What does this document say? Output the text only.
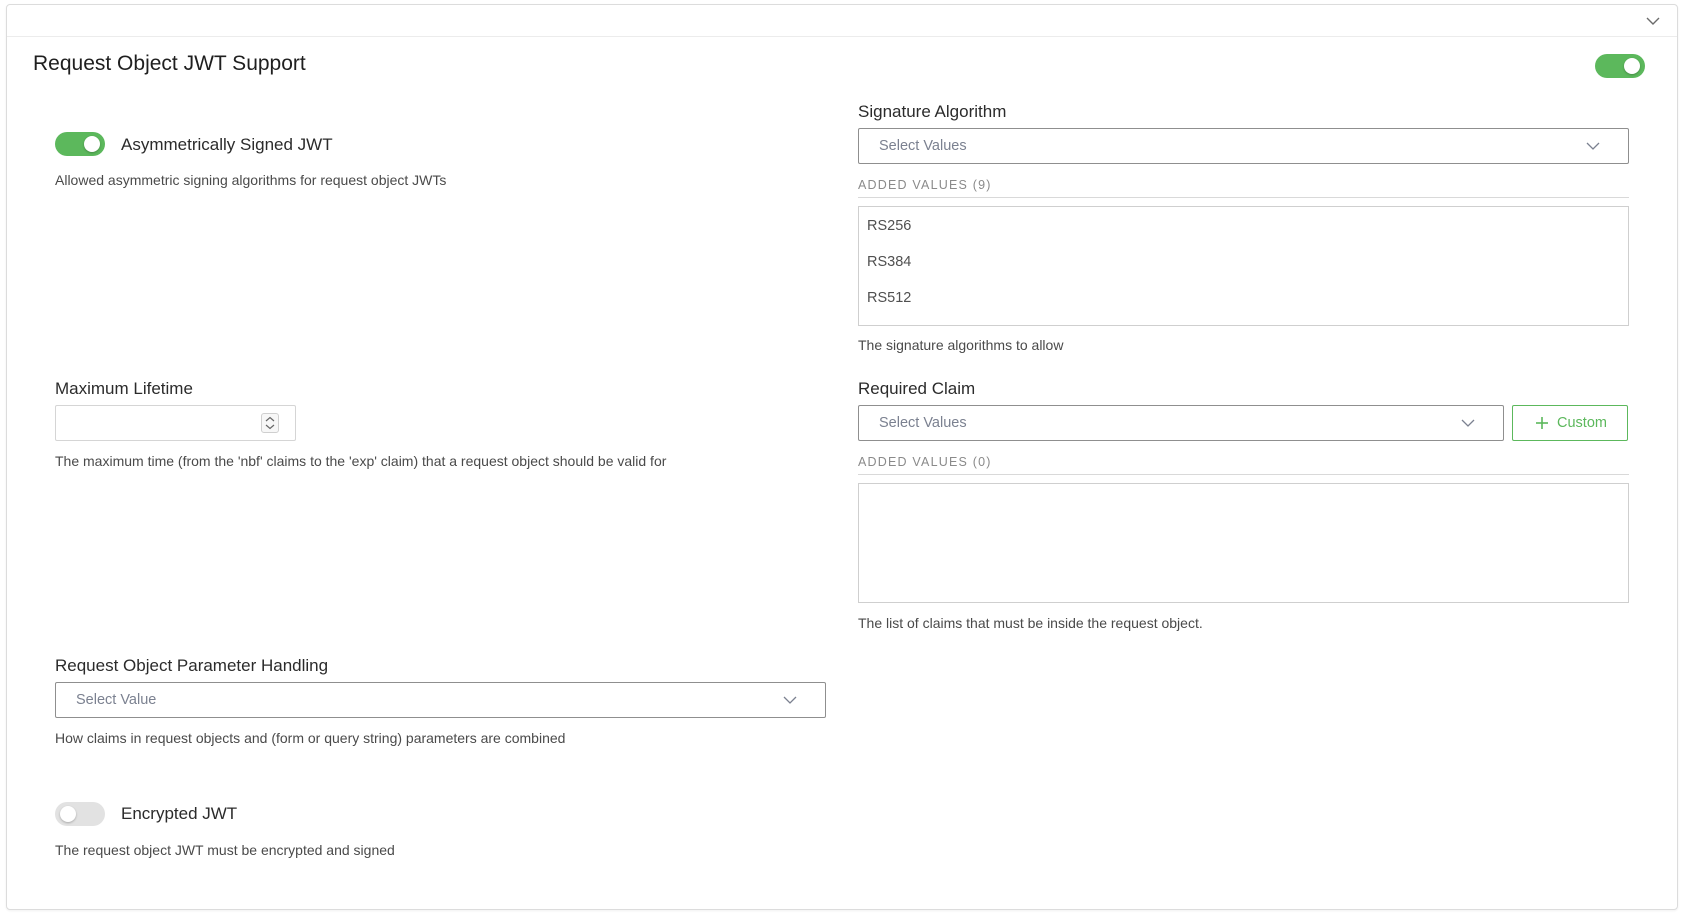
Request Object JWT Support
Asymmetrically Signed JWT
Allowed asymmetric signing algorithms for request object JWTs
Signature Algorithm
Select Values
ADDED VALUES (9)
RS256
RS384
RS512
The signature algorithms to allow
Maximum Lifetime
The maximum time (from the 'nbf' claims to the 'exp' claim) that a request object should be valid for
Required Claim
Select Values	Custom
ADDED VALUES (0)
The list of claims that must be inside the request object.
Request Object Parameter Handling
Select Value
How claims in request objects and (form or query string) parameters are combined
Encrypted JWT
The request object JWT must be encrypted and signed
